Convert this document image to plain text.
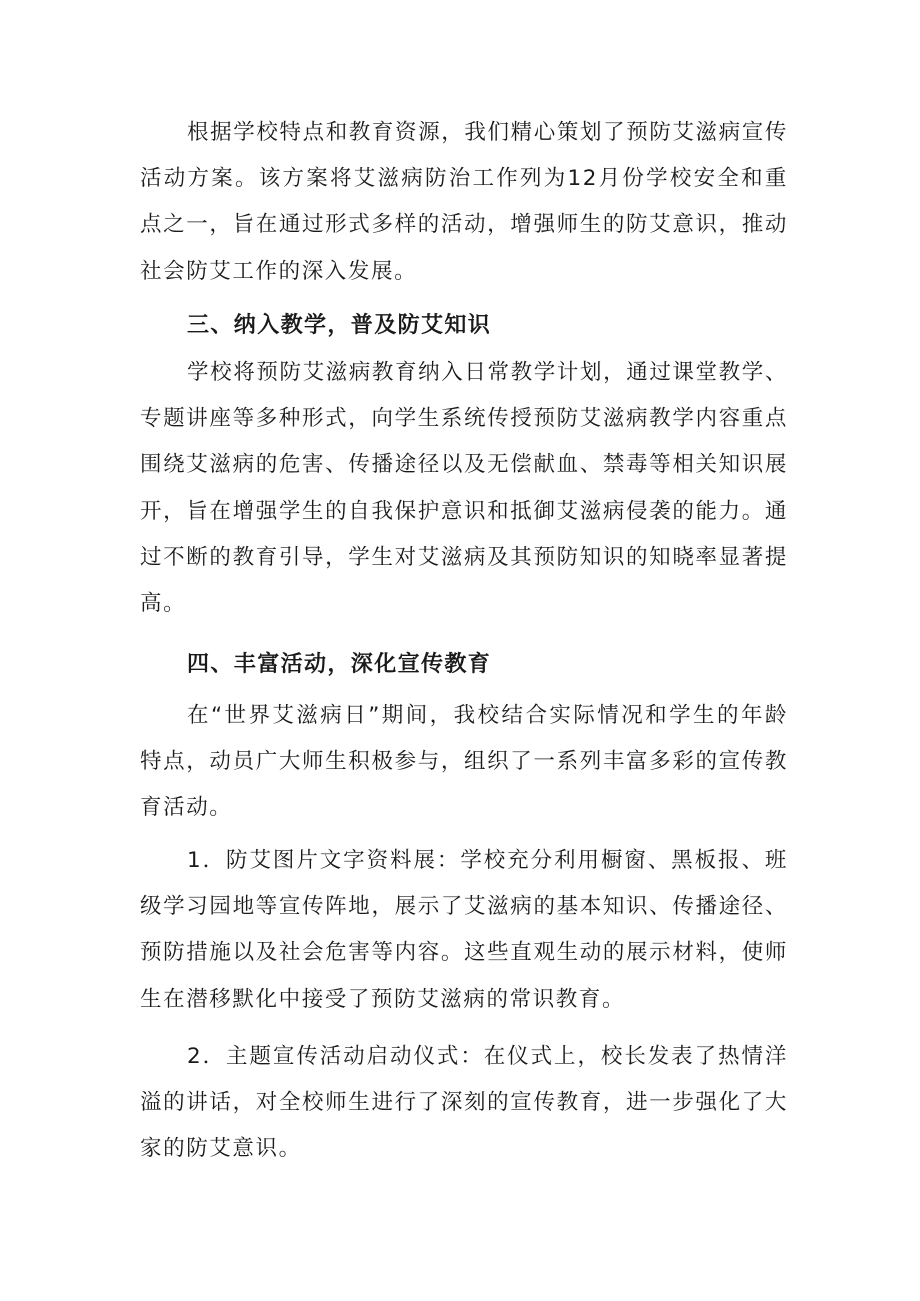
根据学校特点和教育资源，我们精心策划了预防艾滋病宣传活动方案。该方案将艾滋病防治工作列为12月份学校安全和重点之一，旨在通过形式多样的活动，增强师生的防艾意识，推动社会防艾工作的深入发展。

三、纳入教学，普及防艾知识

学校将预防艾滋病教育纳入日常教学计划，通过课堂教学、专题讲座等多种形式，向学生系统传授预防艾滋病教学内容重点围绕艾滋病的危害、传播途径以及无偿献血、禁毒等相关知识展开，旨在增强学生的自我保护意识和抵御艾滋病侵袭的能力。通过不断的教育引导，学生对艾滋病及其预防知识的知晓率显著提高。

四、丰富活动，深化宣传教育

在“世界艾滋病日”期间，我校结合实际情况和学生的年龄特点，动员广大师生积极参与，组织了一系列丰富多彩的宣传教育活动。

1．防艾图片文字资料展：学校充分利用橱窗、黑板报、班级学习园地等宣传阵地，展示了艾滋病的基本知识、传播途径、预防措施以及社会危害等内容。这些直观生动的展示材料，使师生在潜移默化中接受了预防艾滋病的常识教育。

2．主题宣传活动启动仪式：在仪式上，校长发表了热情洋溢的讲话，对全校师生进行了深刻的宣传教育，进一步强化了大家的防艾意识。
